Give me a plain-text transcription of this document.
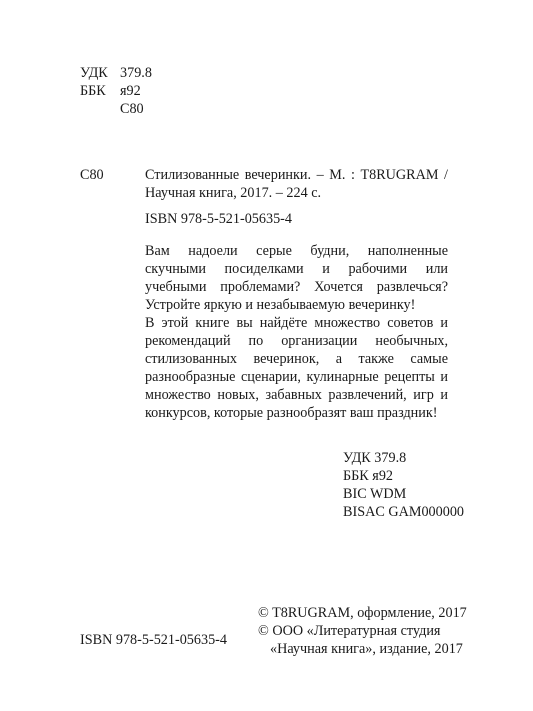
УДК 379.8
ББК	я92
С80
С80	Стилизованные вечеринки. – М. : T8RUGRAM / Научная книга, 2017. – 224 с.
ISBN 978-5-521-05635-4

Вам надоели серые будни, наполненные скучными посиделками и рабочими или учебными проблемами? Хочется развлечься? Устройте яркую и незабываемую вечеринку!

В этой книге вы найдёте множество советов и рекомендаций по организации необычных, стилизованных вечеринок, а также самые разнообразные сценарии, кулинарные рецепты и множество новых, забавных развлечений, игр и конкурсов, которые разнообразят ваш праздник!

УДК 379.8
ББК я92
BIC WDM
BISAC GAM000000
© T8RUGRAM, оформление, 2017
© ООО «Литературная студия
«Научная книга», издание, 2017
ISBN 978-5-521-05635-4
